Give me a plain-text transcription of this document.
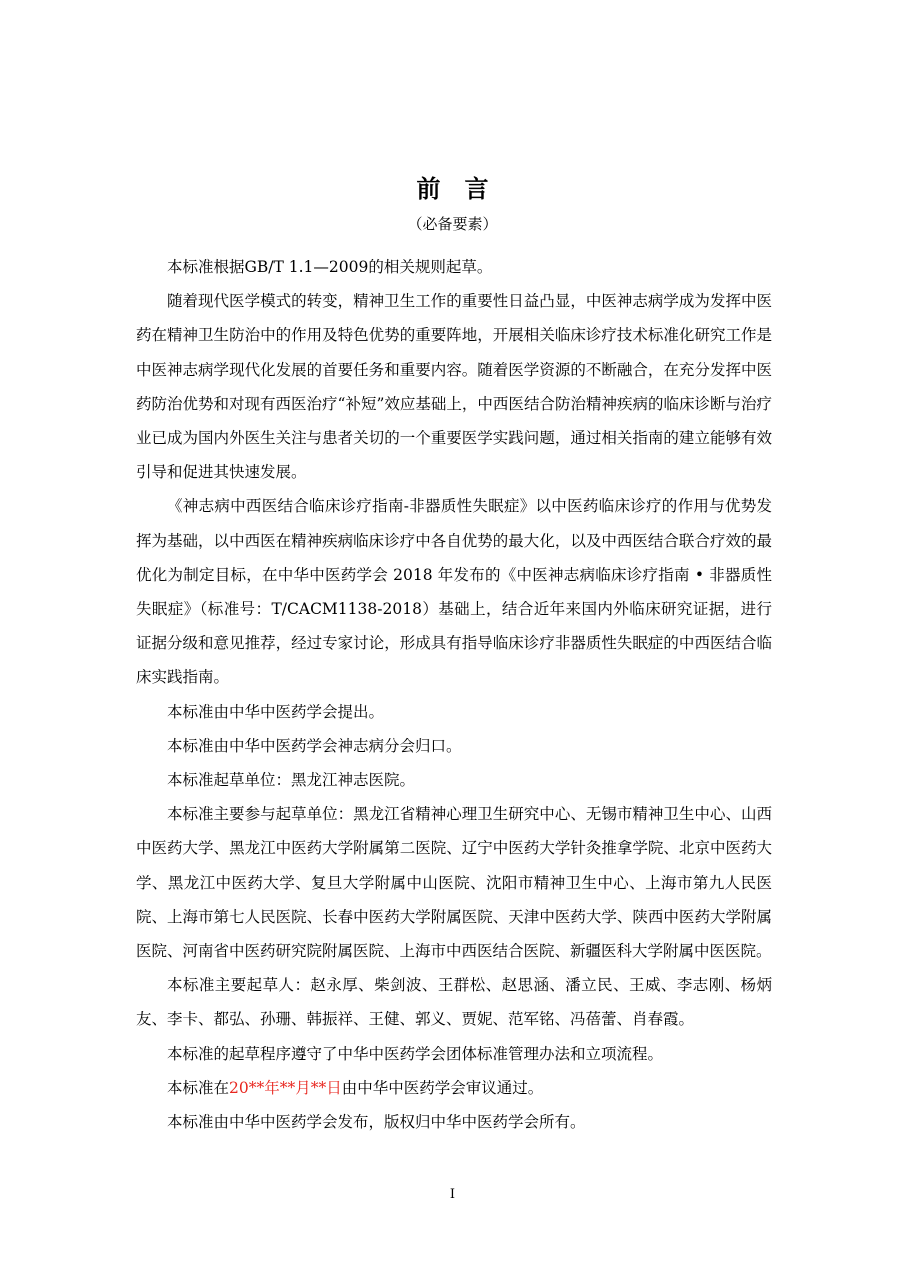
前言
（必备要素）

本标准根据GB/T 1.1—2009的相关规则起草。

随着现代医学模式的转变，精神卫生工作的重要性日益凸显，中医神志病学成为发挥中医药在精神卫生防治中的作用及特色优势的重要阵地，开展相关临床诊疗技术标准化研究工作是中医神志病学现代化发展的首要任务和重要内容。随着医学资源的不断融合，在充分发挥中医药防治优势和对现有西医治疗“补短”效应基础上，中西医结合防治精神疾病的临床诊断与治疗业已成为国内外医生关注与患者关切的一个重要医学实践问题，通过相关指南的建立能够有效引导和促进其快速发展。

《神志病中西医结合临床诊疗指南-非器质性失眠症》以中医药临床诊疗的作用与优势发挥为基础，以中西医在精神疾病临床诊疗中各自优势的最大化，以及中西医结合联合疗效的最优化为制定目标，在中华中医药学会 2018 年发布的《中医神志病临床诊疗指南 • 非器质性失眠症》（标准号：T/CACM1138-2018）基础上，结合近年来国内外临床研究证据，进行证据分级和意见推荐，经过专家讨论，形成具有指导临床诊疗非器质性失眠症的中西医结合临床实践指南。

本标准由中华中医药学会提出。

本标准由中华中医药学会神志病分会归口。

本标准起草单位：黑龙江神志医院。

本标准主要参与起草单位：黑龙江省精神心理卫生研究中心、无锡市精神卫生中心、山西中医药大学、黑龙江中医药大学附属第二医院、辽宁中医药大学针灸推拿学院、北京中医药大学、黑龙江中医药大学、复旦大学附属中山医院、沈阳市精神卫生中心、上海市第九人民医院、上海市第七人民医院、长春中医药大学附属医院、天津中医药大学、陕西中医药大学附属医院、河南省中医药研究院附属医院、上海市中西医结合医院、新疆医科大学附属中医医院。

本标准主要起草人：赵永厚、柴剑波、王群松、赵思涵、潘立民、王威、李志刚、杨炳友、李卡、都弘、孙珊、韩振祥、王健、郭义、贾妮、范军铭、冯蓓蕾、肖春霞。

本标准的起草程序遵守了中华中医药学会团体标准管理办法和立项流程。

本标准在20**年**月**日由中华中医药学会审议通过。

本标准由中华中医药学会发布，版权归中华中医药学会所有。

I
